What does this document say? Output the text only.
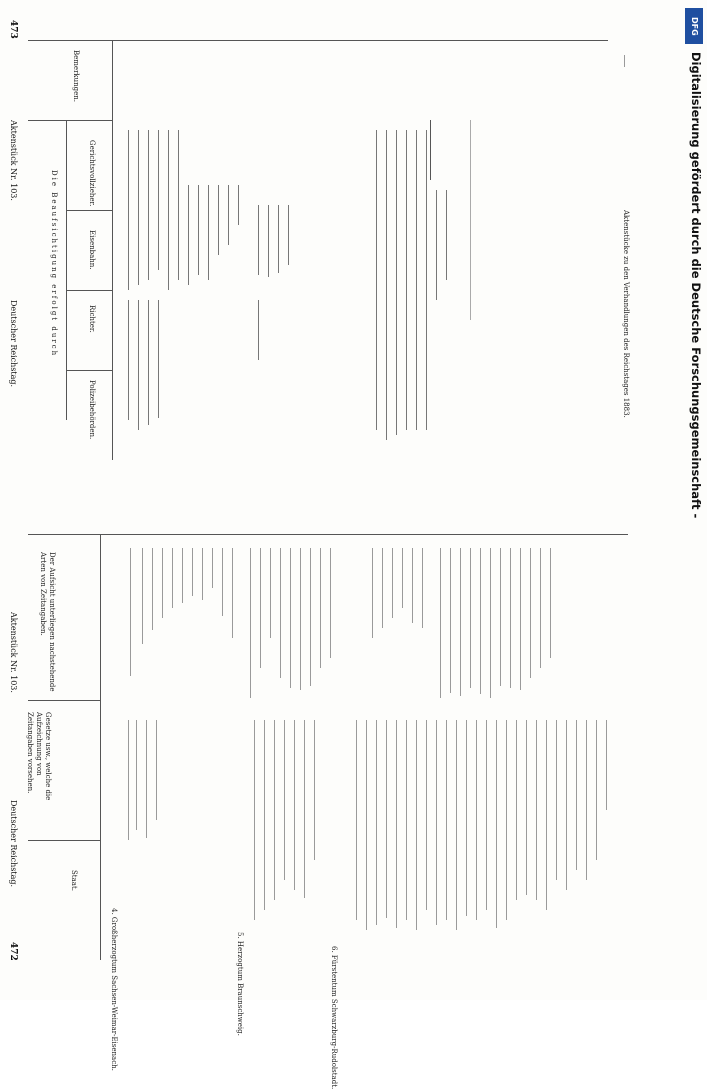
472
Deutscher Reichstag.
Aktenstück Nr. 103.
Staat.
Gesetze usw., welche die Aufzeichnung von Zeitangaben vorsehen.
Der Aufsicht unterliegen nachstehende Arten von Zeitangaben.
4. Großherzogtum Sachsen-Weimar-Eisenach.	5. Herzogtum Braunschweig.	6. Fürstentum Schwarzburg-Rudolstadt.
473
Deutscher Reichstag.
Aktenstück Nr. 103.
Die Beaufsichtigung erfolgt durch
Polizeibehörden.
Richter.
Eisenbahn.
Gerichtsvollzieher.
Bemerkungen.
Aktenstücke zu den Verhandlungen des Reichstages 1883.
DFG
Digitalisierung gefördert durch die Deutsche Forschungsgemeinschaft -
